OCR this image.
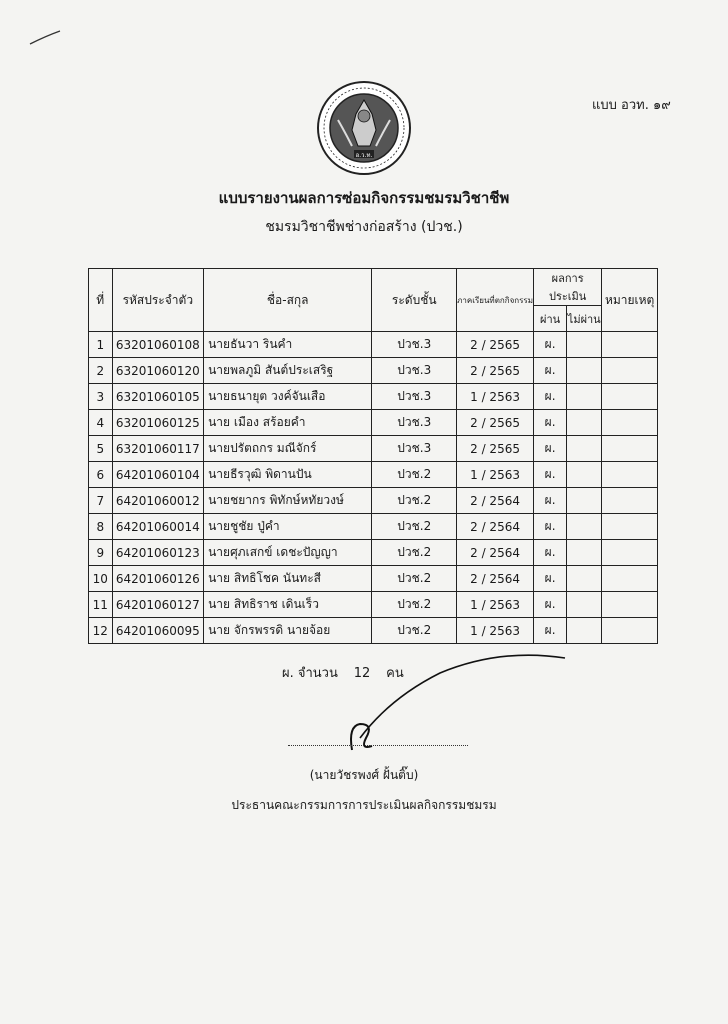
แบบ อวท. ๑๙
อ.ว.ท.
แบบรายงานผลการซ่อมกิจกรรมชมรมวิชาชีพ
ชมรมวิชาชีพช่างก่อสร้าง (ปวช.)
ที่	รหัสประจำตัว	ชื่อ-สกุล	ระดับชั้น	ภาคเรียนที่ตกกิจกรรม	ผลการประเมิน		หมายเหตุ
					ผ่าน	ไม่ผ่าน	
1	63201060108	นายธันวา รินคำ	ปวช.3	2 / 2565	ผ.		
2	63201060120	นายพลภูมิ สันต์ประเสริฐ	ปวช.3	2 / 2565	ผ.		
3	63201060105	นายธนายุต วงค์จันเสือ	ปวช.3	1 / 2563	ผ.		
4	63201060125	นาย เมือง สร้อยคำ	ปวช.3	2 / 2565	ผ.		
5	63201060117	นายปรัตถกร มณีจักร์	ปวช.3	2 / 2565	ผ.		
6	64201060104	นายธีรวุฒิ พิดานปัน	ปวช.2	1 / 2563	ผ.		
7	64201060012	นายชยากร พิทักษ์หทัยวงษ์	ปวช.2	2 / 2564	ผ.		
8	64201060014	นายชูชัย ปู่คำ	ปวช.2	2 / 2564	ผ.		
9	64201060123	นายศุภเสกข์ เดชะปัญญา	ปวช.2	2 / 2564	ผ.		
10	64201060126	นาย สิทธิโชค นันทะสี	ปวช.2	2 / 2564	ผ.		
11	64201060127	นาย สิทธิราช เดินเร็ว	ปวช.2	1 / 2563	ผ.		
12	64201060095	นาย จักรพรรดิ นายจ้อย	ปวช.2	1 / 2563	ผ.		
ผ. จำนวน 12 คน
(นายวัชรพงศ์ ฝั้นติ๊บ)
ประธานคณะกรรมการการประเมินผลกิจกรรมชมรม
